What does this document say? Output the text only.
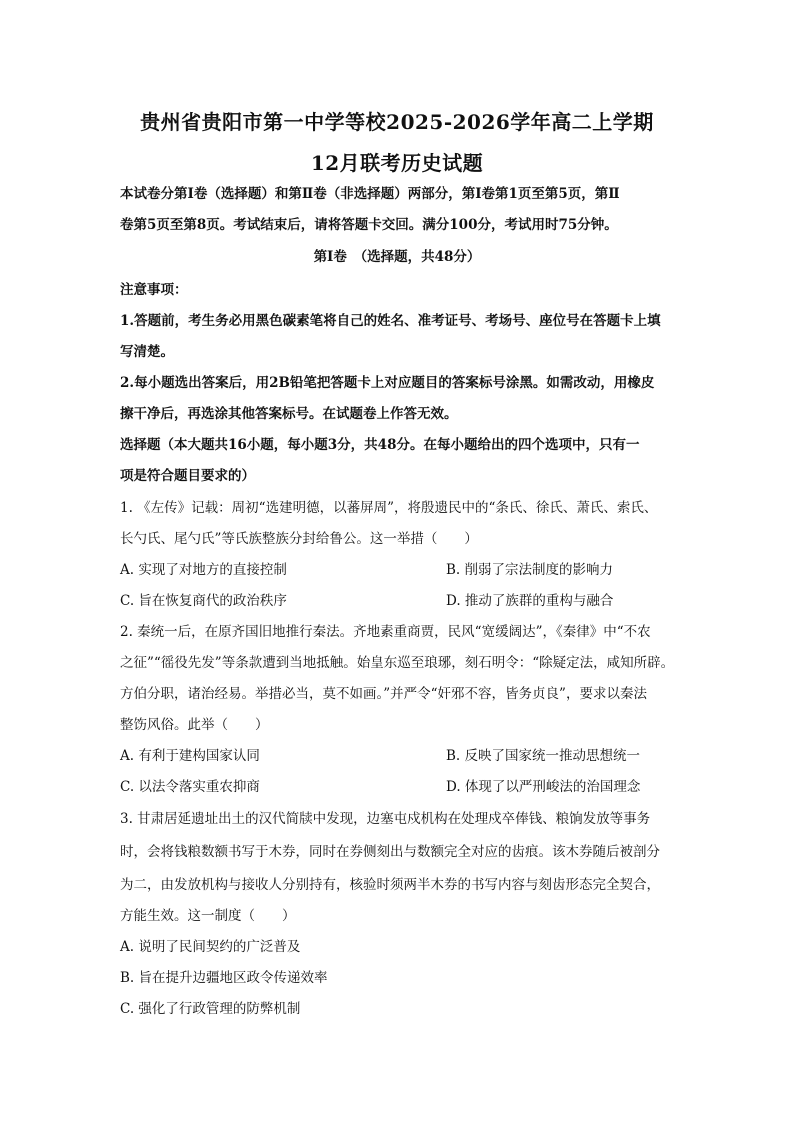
贵州省贵阳市第一中学等校2025-2026学年高二上学期
12月联考历史试题
本试卷分第Ⅰ卷（选择题）和第Ⅱ卷（非选择题）两部分，第Ⅰ卷第1页至第5页，第Ⅱ
卷第5页至第8页。考试结束后，请将答题卡交回。满分100分，考试用时75分钟。
第Ⅰ卷　（选择题，共48分）
注意事项：
1.答题前，考生务必用黑色碳素笔将自己的姓名、准考证号、考场号、座位号在答题卡上填
写清楚。
2.每小题选出答案后，用2B铅笔把答题卡上对应题目的答案标号涂黑。如需改动，用橡皮
擦干净后，再选涂其他答案标号。在试题卷上作答无效。
选择题（本大题共16小题，每小题3分，共48分。在每小题给出的四个选项中，只有一
项是符合题目要求的）
1. 《左传》记载：周初“选建明德，以蕃屏周”，将殷遗民中的“条氏、徐氏、萧氏、索氏、
长勺氏、尾勺氏”等氏族整族分封给鲁公。这一举措（　　）
A. 实现了对地方的直接控制	B. 削弱了宗法制度的影响力
C. 旨在恢复商代的政治秩序	D. 推动了族群的重构与融合
2. 秦统一后，在原齐国旧地推行秦法。齐地素重商贾，民风“宽缓阔达”，《秦律》中“不农
之征”“徭役先发”等条款遭到当地抵触。始皇东巡至琅琊，刻石明令：“除疑定法，咸知所辟。
方伯分职，诸治经易。举措必当，莫不如画。”并严令“奸邪不容，皆务贞良”，要求以秦法
整饬风俗。此举（　　）
A. 有利于建构国家认同	B. 反映了国家统一推动思想统一
C. 以法令落实重农抑商	D. 体现了以严刑峻法的治国理念
3. 甘肃居延遗址出土的汉代简牍中发现，边塞屯戍机构在处理戍卒俸钱、粮饷发放等事务
时，会将钱粮数额书写于木券，同时在券侧刻出与数额完全对应的齿痕。该木券随后被剖分
为二，由发放机构与接收人分别持有，核验时须两半木券的书写内容与刻齿形态完全契合，
方能生效。这一制度（　　）
A. 说明了民间契约的广泛普及
B. 旨在提升边疆地区政令传递效率
C. 强化了行政管理的防弊机制
